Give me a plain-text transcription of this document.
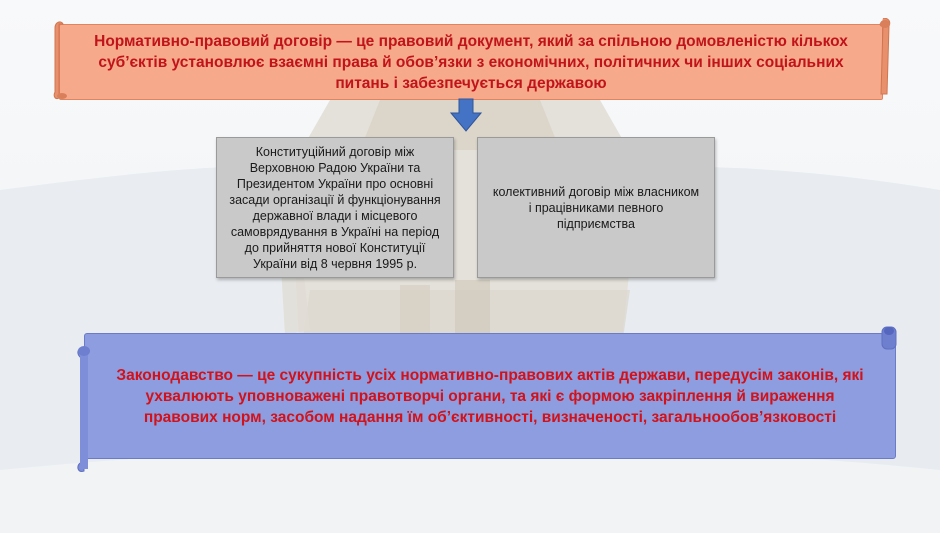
Нормативно-правовий договір — це правовий документ, який за спільною домовленістю кількох суб’єктів установлює взаємні права й обов’язки з економічних, політичних чи інших соціальних питань і забезпечується державою
Конституційний договір між Верховною Радою України та Президентом України про основні засади організації й функціонування державної влади і місцевого самоврядування в Україні на період до прийняття нової Конституції України від 8 червня 1995 р.
колективний договір між власником і працівниками певного підприємства
Законодавство — це сукупність усіх нормативно-правових актів держави, передусім законів, які ухвалюють уповноважені правотворчі органи, та які є формою закріплення й вираження правових норм, засобом надання їм об’єктивності, визначеності, загальнообов’язковості
